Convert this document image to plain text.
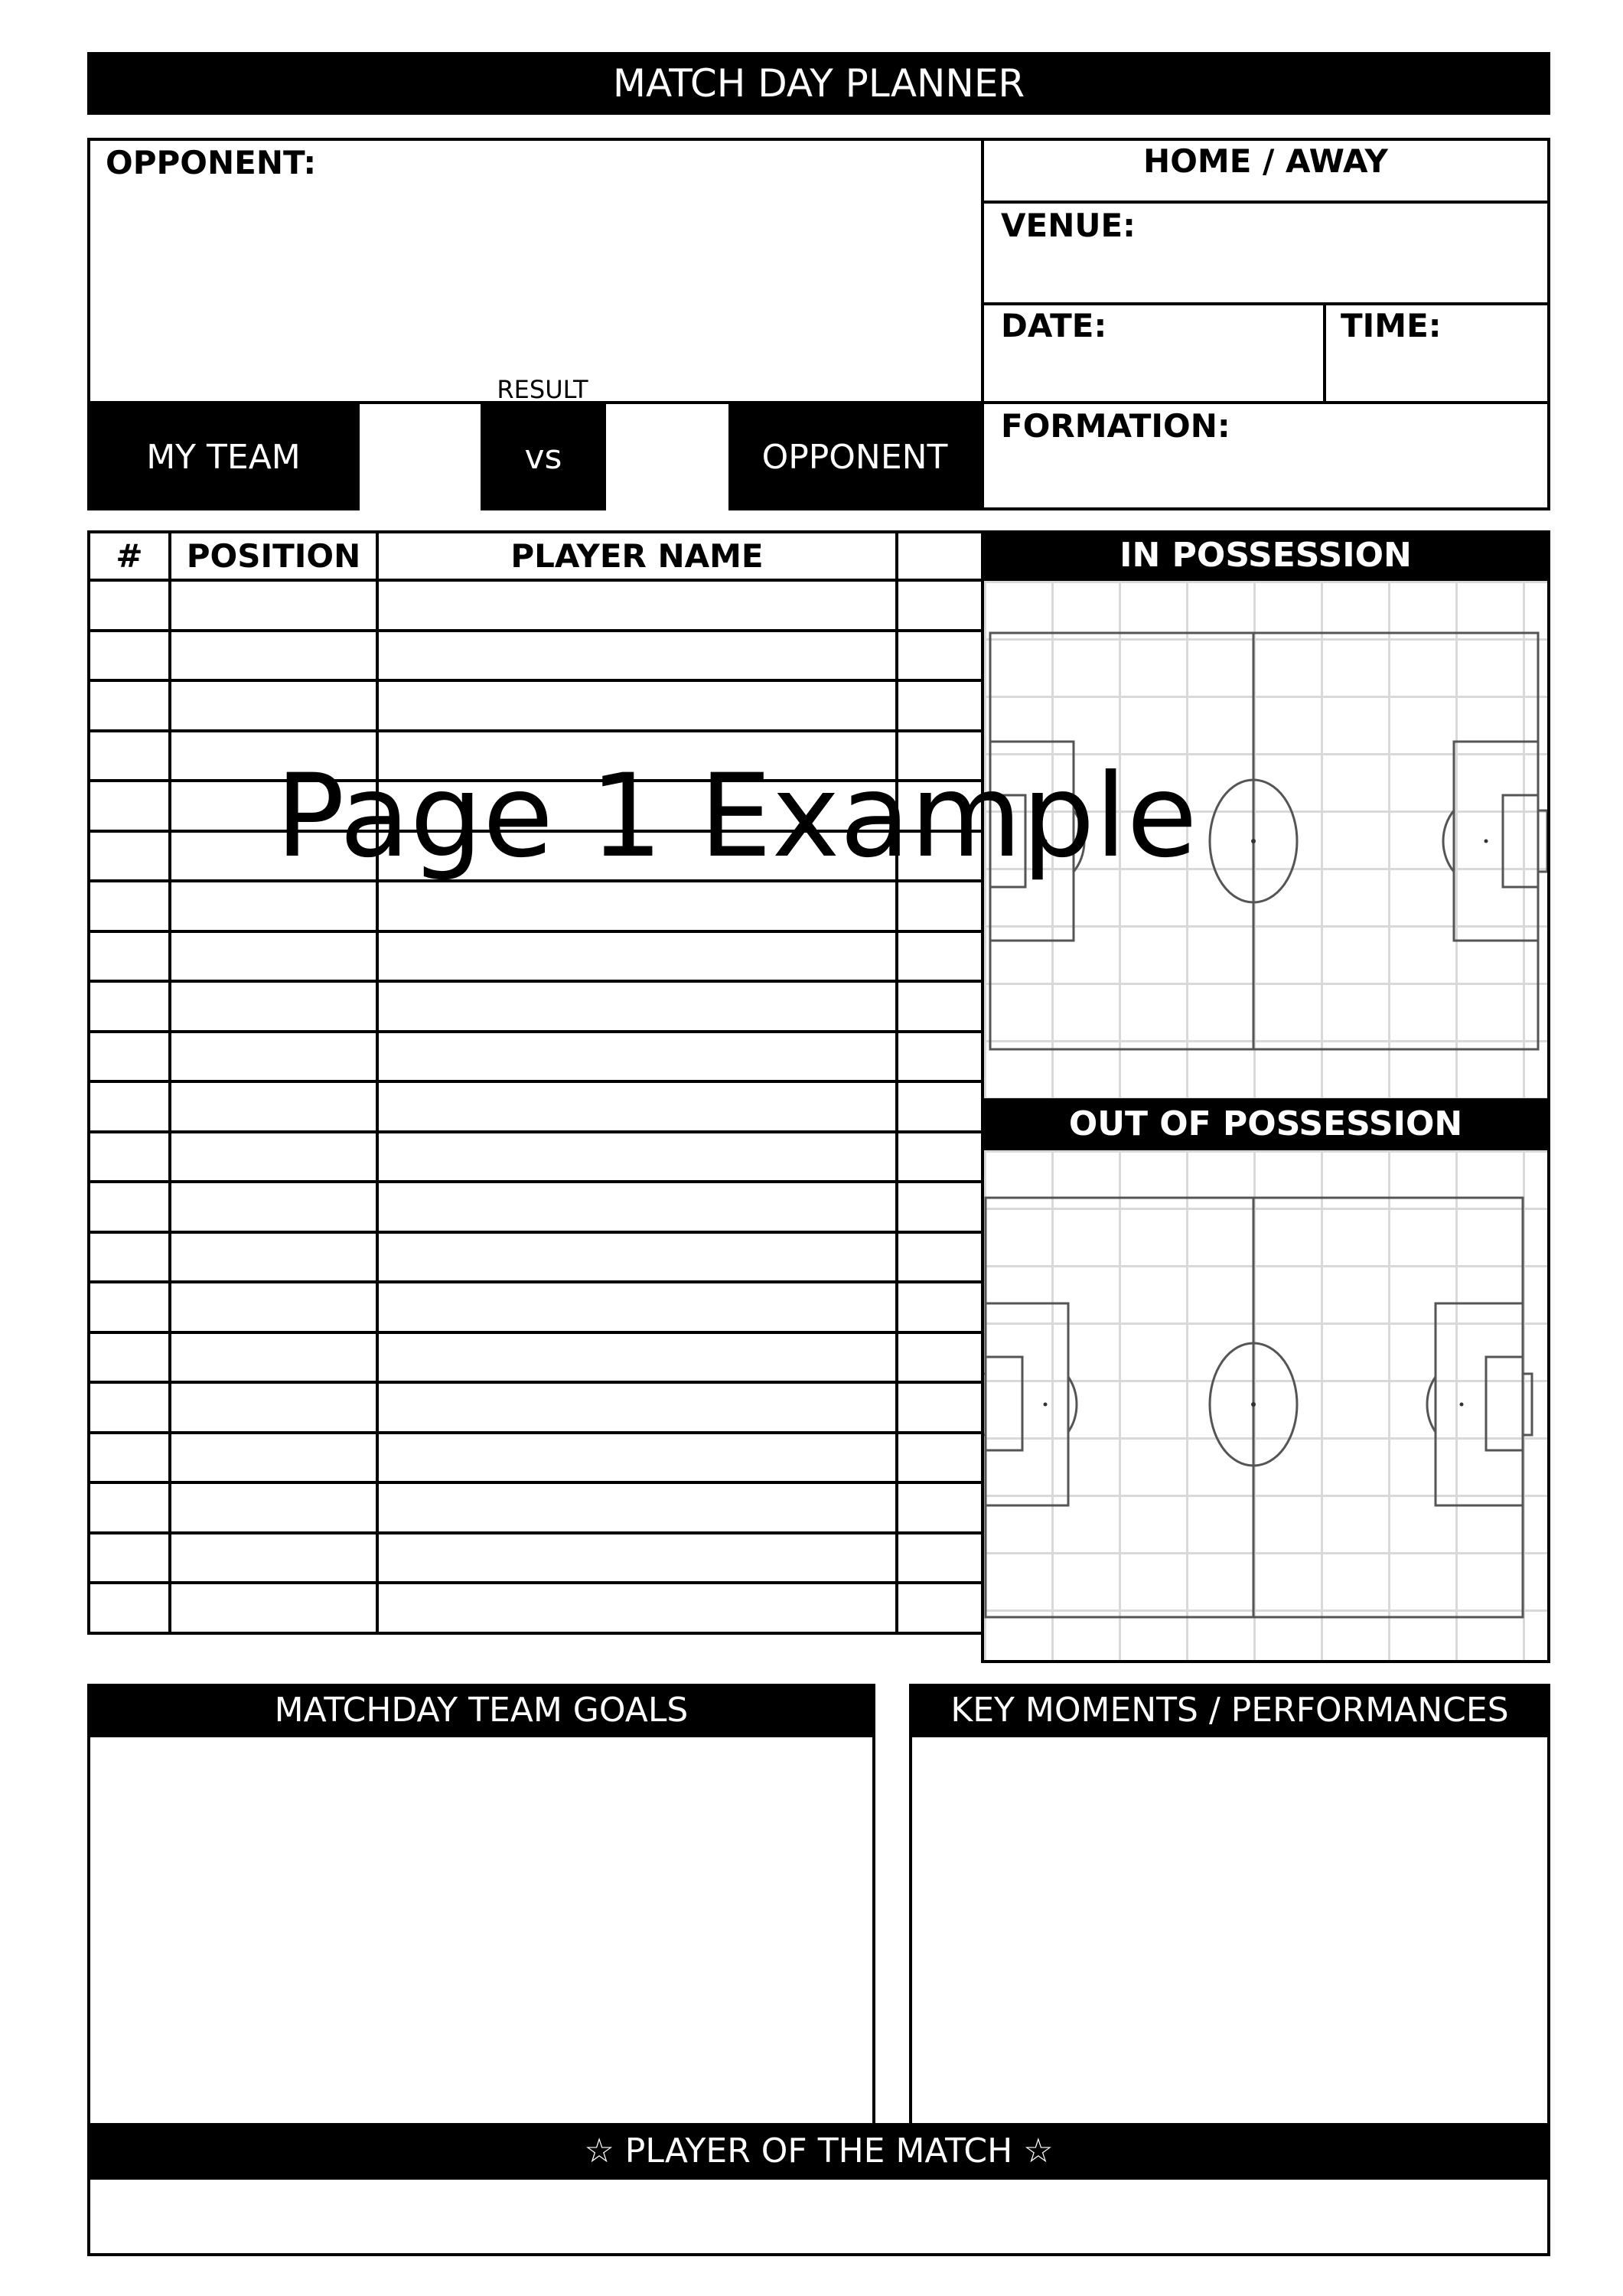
MATCH DAY PLANNER
OPPONENT:	HOME / AWAY
VENUE:
DATE:	TIME:
FORMATION:
RESULT
MY TEAM	vs	OPPONENT
#	POSITION	PLAYER NAME	

				IN POSSESSION
OUT OF POSSESSION
MATCHDAY TEAM GOALS	KEY MOMENTS / PERFORMANCES
☆ PLAYER OF THE MATCH ☆
Page 1 Example
